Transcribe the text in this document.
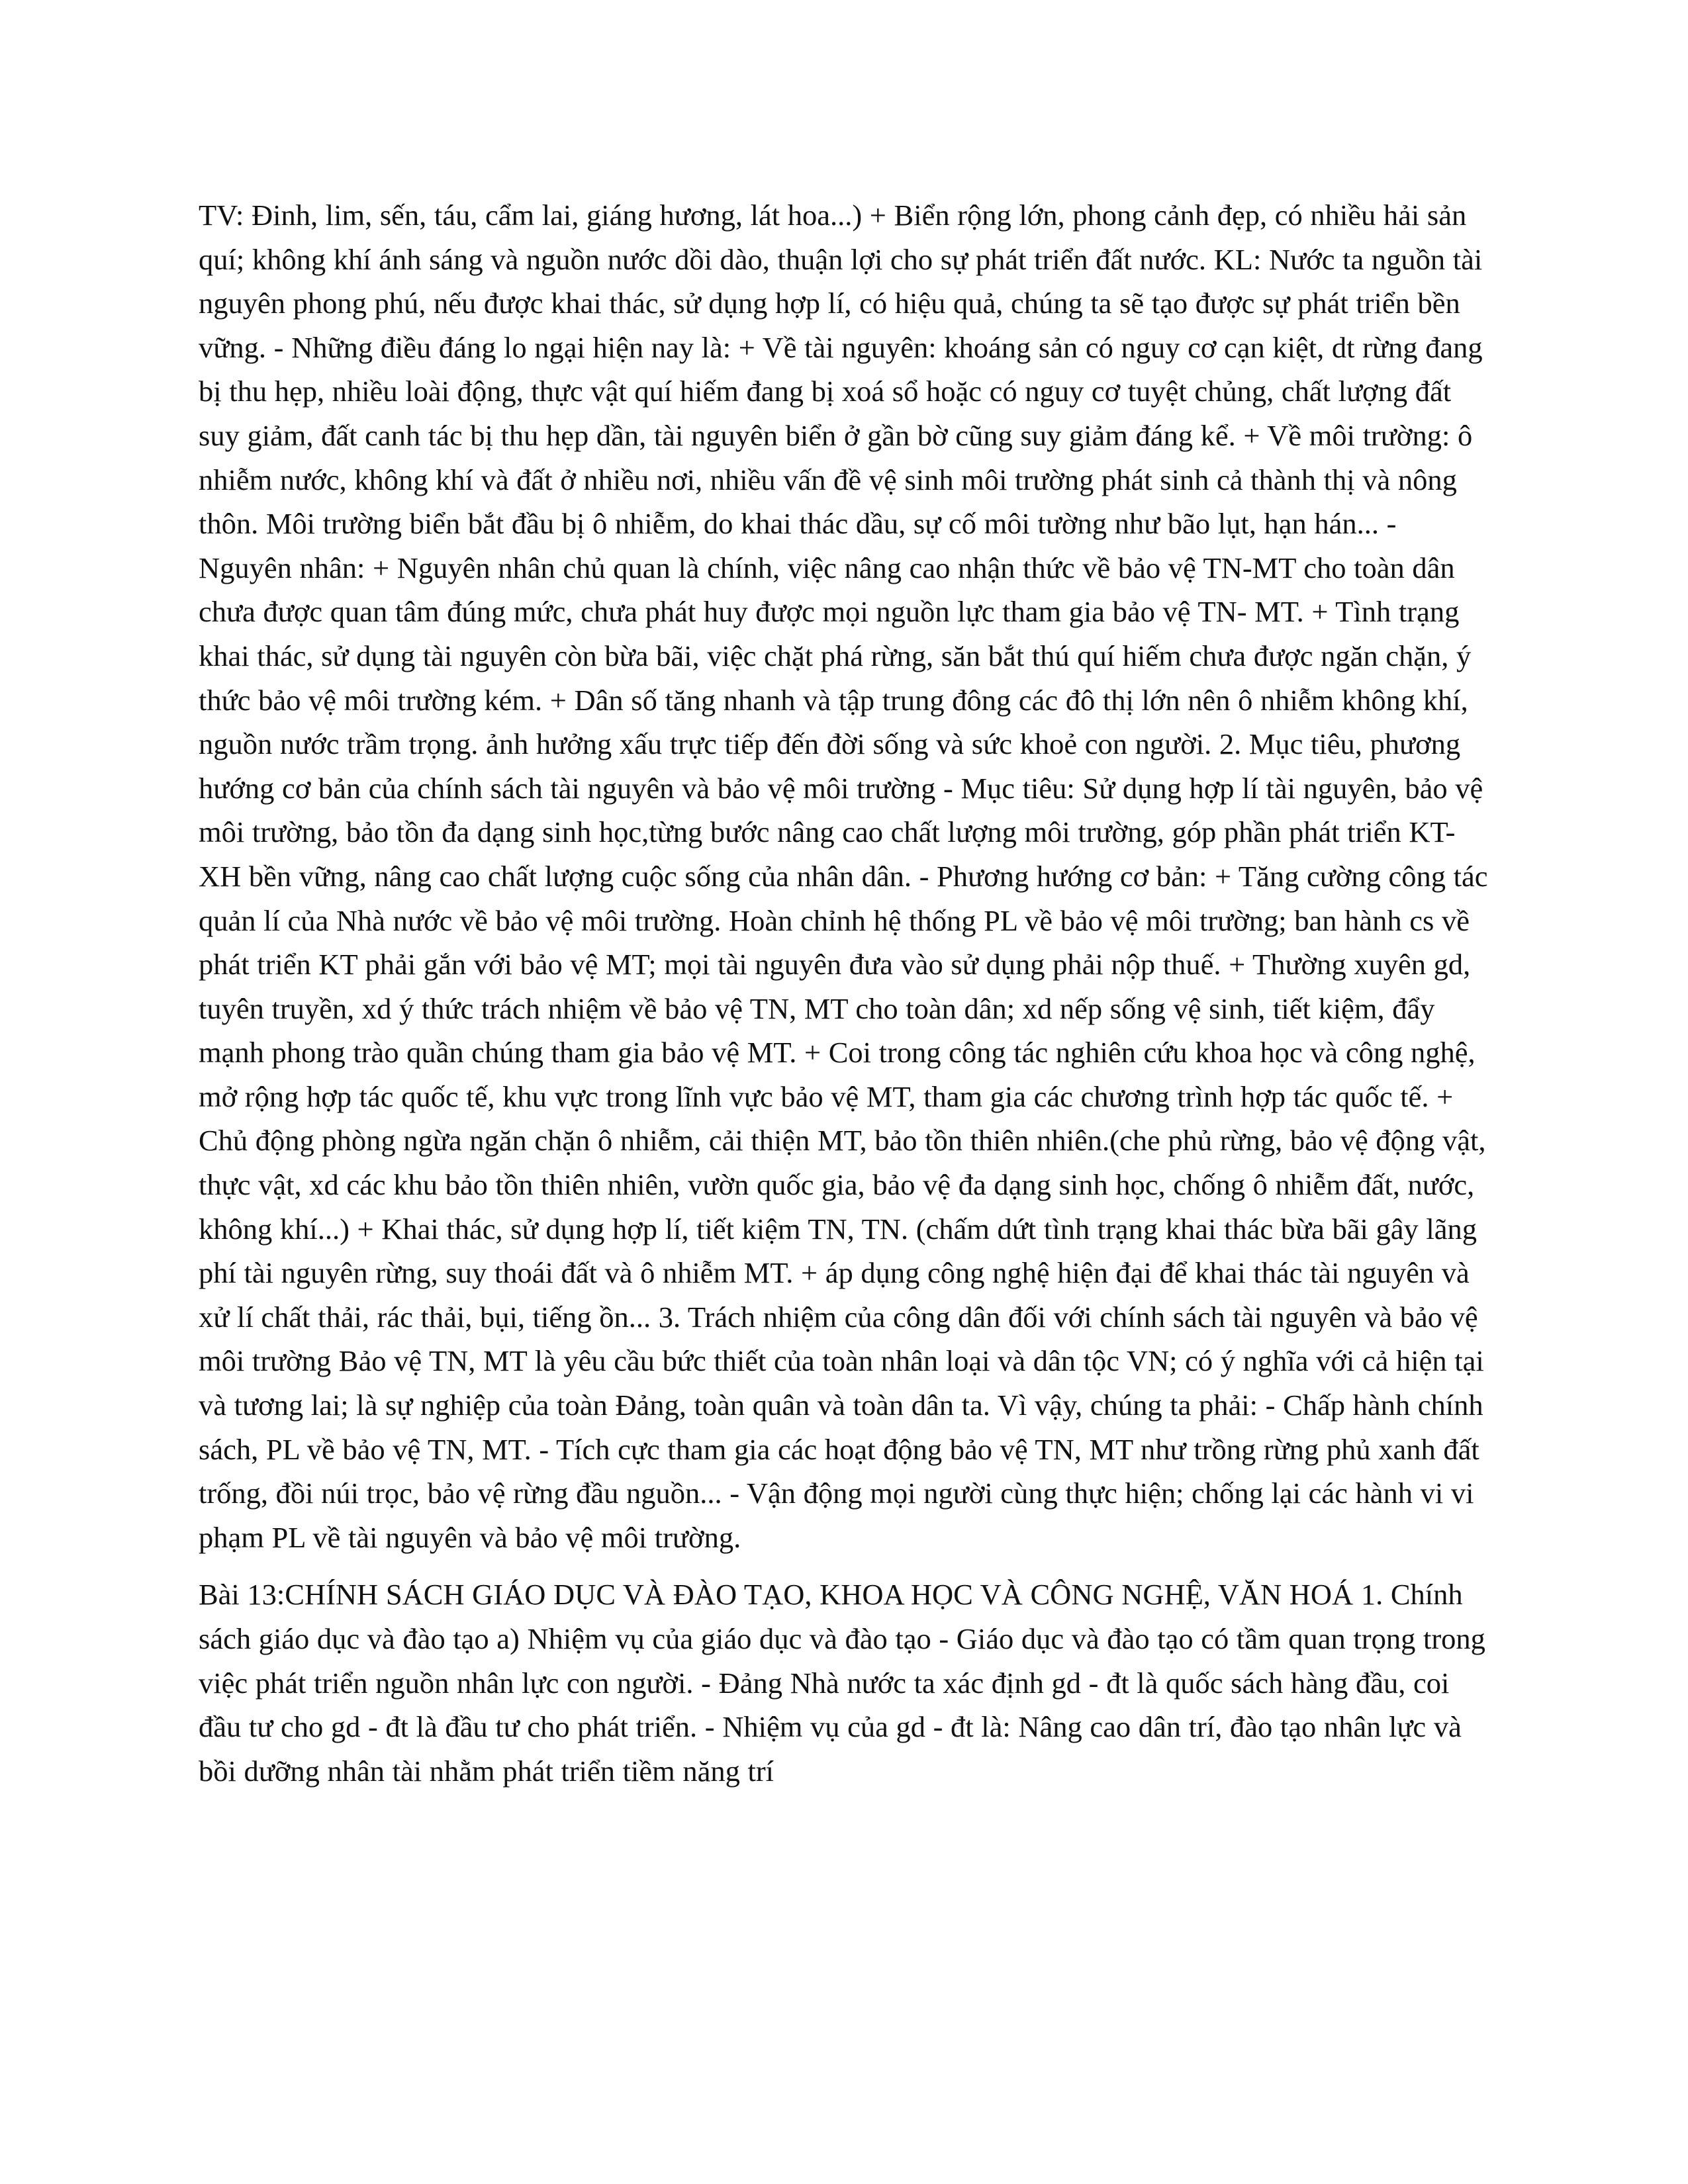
TV: Đinh, lim, sến, táu, cẩm lai, giáng hương, lát hoa...) + Biển rộng lớn, phong cảnh đẹp, có nhiều hải sản quí; không khí ánh sáng và nguồn nước dồi dào, thuận lợi cho sự phát triển đất nước. KL: Nước ta nguồn tài nguyên phong phú, nếu được khai thác, sử dụng hợp lí, có hiệu quả, chúng ta sẽ tạo được sự phát triển bền vững. - Những điều đáng lo ngại hiện nay là: + Về tài nguyên: khoáng sản có nguy cơ cạn kiệt, dt rừng đang bị thu hẹp, nhiều loài động, thực vật quí hiếm đang bị xoá sổ hoặc có nguy cơ tuyệt chủng, chất lượng đất suy giảm, đất canh tác bị thu hẹp dần, tài nguyên biển ở gần bờ cũng suy giảm đáng kể. + Về môi trường: ô nhiễm nước, không khí và đất ở nhiều nơi, nhiều vấn đề vệ sinh môi trường phát sinh cả thành thị và nông thôn. Môi trường biển bắt đầu bị ô nhiễm, do khai thác dầu, sự cố môi tường như bão lụt, hạn hán... - Nguyên nhân: + Nguyên nhân chủ quan là chính, việc nâng cao nhận thức về bảo vệ TN-MT cho toàn dân chưa được quan tâm đúng mức, chưa phát huy được mọi nguồn lực tham gia bảo vệ TN- MT. + Tình trạng khai thác, sử dụng tài nguyên còn bừa bãi, việc chặt phá rừng, săn bắt thú quí hiếm chưa được ngăn chặn, ý thức bảo vệ môi trường kém. + Dân số tăng nhanh và tập trung đông các đô thị lớn nên ô nhiễm không khí, nguồn nước trầm trọng. ảnh hưởng xấu trực tiếp đến đời sống và sức khoẻ con người. 2. Mục tiêu, phương hướng cơ bản của chính sách tài nguyên và bảo vệ môi trường - Mục tiêu: Sử dụng hợp lí tài nguyên, bảo vệ môi trường, bảo tồn đa dạng sinh học,từng bước nâng cao chất lượng môi trường, góp phần phát triển KT- XH bền vững, nâng cao chất lượng cuộc sống của nhân dân. - Phương hướng cơ bản: + Tăng cường công tác quản lí của Nhà nước về bảo vệ môi trường. Hoàn chỉnh hệ thống PL về bảo vệ môi trường; ban hành cs về phát triển KT phải gắn với bảo vệ MT; mọi tài nguyên đưa vào sử dụng phải nộp thuế. + Thường xuyên gd, tuyên truyền, xd ý thức trách nhiệm về bảo vệ TN, MT cho toàn dân; xd nếp sống vệ sinh, tiết kiệm, đẩy mạnh phong trào quần chúng tham gia bảo vệ MT. + Coi trong công tác nghiên cứu khoa học và công nghệ, mở rộng hợp tác quốc tế, khu vực trong lĩnh vực bảo vệ MT, tham gia các chương trình hợp tác quốc tế. + Chủ động phòng ngừa ngăn chặn ô nhiễm, cải thiện MT, bảo tồn thiên nhiên.(che phủ rừng, bảo vệ động vật, thực vật, xd các khu bảo tồn thiên nhiên, vườn quốc gia, bảo vệ đa dạng sinh học, chống ô nhiễm đất, nước, không khí...) + Khai thác, sử dụng hợp lí, tiết kiệm TN, TN. (chấm dứt tình trạng khai thác bừa bãi gây lãng phí tài nguyên rừng, suy thoái đất và ô nhiễm MT. + áp dụng công nghệ hiện đại để khai thác tài nguyên và xử lí chất thải, rác thải, bụi, tiếng ồn... 3. Trách nhiệm của công dân đối với chính sách tài nguyên và bảo vệ môi trường Bảo vệ TN, MT là yêu cầu bức thiết của toàn nhân loại và dân tộc VN; có ý nghĩa với cả hiện tại và tương lai; là sự nghiệp của toàn Đảng, toàn quân và toàn dân ta. Vì vậy, chúng ta phải: - Chấp hành chính sách, PL về bảo vệ TN, MT. - Tích cực tham gia các hoạt động bảo vệ TN, MT như trồng rừng phủ xanh đất trống, đồi núi trọc, bảo vệ rừng đầu nguồn... - Vận động mọi người cùng thực hiện; chống lại các hành vi vi phạm PL về tài nguyên và bảo vệ môi trường.

Bài 13:CHÍNH SÁCH GIÁO DỤC VÀ ĐÀO TẠO, KHOA HỌC VÀ CÔNG NGHỆ, VĂN HOÁ 1. Chính sách giáo dục và đào tạo a) Nhiệm vụ của giáo dục và đào tạo - Giáo dục và đào tạo có tầm quan trọng trong việc phát triển nguồn nhân lực con người. - Đảng Nhà nước ta xác định gd - đt là quốc sách hàng đầu, coi đầu tư cho gd - đt là đầu tư cho phát triển. - Nhiệm vụ của gd - đt là: Nâng cao dân trí, đào tạo nhân lực và bồi dưỡng nhân tài nhằm phát triển tiềm năng trí
